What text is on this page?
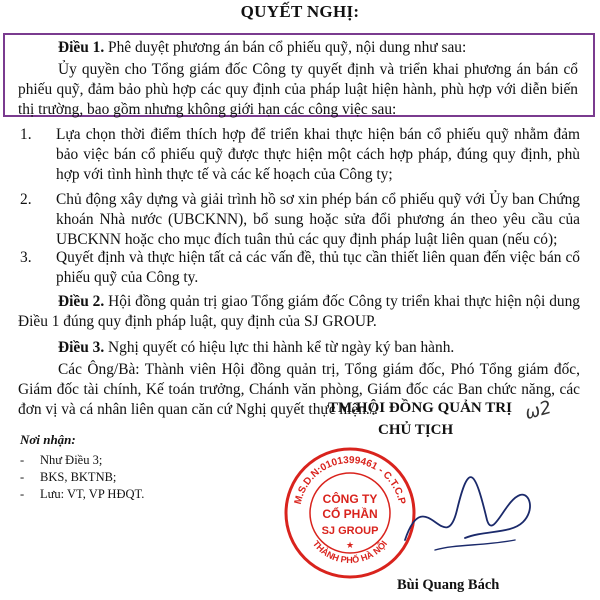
QUYẾT NGHỊ:
Điều 1. Phê duyệt phương án bán cổ phiếu quỹ, nội dung như sau:
Ủy quyền cho Tổng giám đốc Công ty quyết định và triển khai phương án bán cổ phiếu quỹ, đảm bảo phù hợp các quy định của pháp luật hiện hành, phù hợp với diễn biến thị trường, bao gồm nhưng không giới hạn các công việc sau:
1. Lựa chọn thời điểm thích hợp để triển khai thực hiện bán cổ phiếu quỹ nhằm đảm bảo việc bán cổ phiếu quỹ được thực hiện một cách hợp pháp, đúng quy định, phù hợp với tình hình thực tế và các kế hoạch của Công ty;
2. Chủ động xây dựng và giải trình hồ sơ xin phép bán cổ phiếu quỹ với Ủy ban Chứng khoán Nhà nước (UBCKNN), bổ sung hoặc sửa đổi phương án theo yêu cầu của UBCKNN hoặc cho mục đích tuân thủ các quy định pháp luật liên quan (nếu có);
3. Quyết định và thực hiện tất cả các vấn đề, thủ tục cần thiết liên quan đến việc bán cổ phiếu quỹ của Công ty.
Điều 2. Hội đồng quản trị giao Tổng giám đốc Công ty triển khai thực hiện nội dung Điều 1 đúng quy định pháp luật, quy định của SJ GROUP.
Điều 3. Nghị quyết có hiệu lực thi hành kể từ ngày ký ban hành.
Các Ông/Bà: Thành viên Hội đồng quản trị, Tổng giám đốc, Phó Tổng giám đốc, Giám đốc tài chính, Kế toán trưởng, Chánh văn phòng, Giám đốc các Ban chức năng, các đơn vị và cá nhân liên quan căn cứ Nghị quyết thực hiện./.
Nơi nhận:
- Như Điều 3;
- BKS, BKTNB;
- Lưu: VT, VP HĐQT.
TM.HỘI ĐỒNG QUẢN TRỊ
CHỦ TỊCH
ω2
M.S.D.N:0101399461 - C.T.C.P
THÀNH PHỐ HÀ NỘI
CÔNG TY
CỔ PHẦN
SJ GROUP
★
Bùi Quang Bách
